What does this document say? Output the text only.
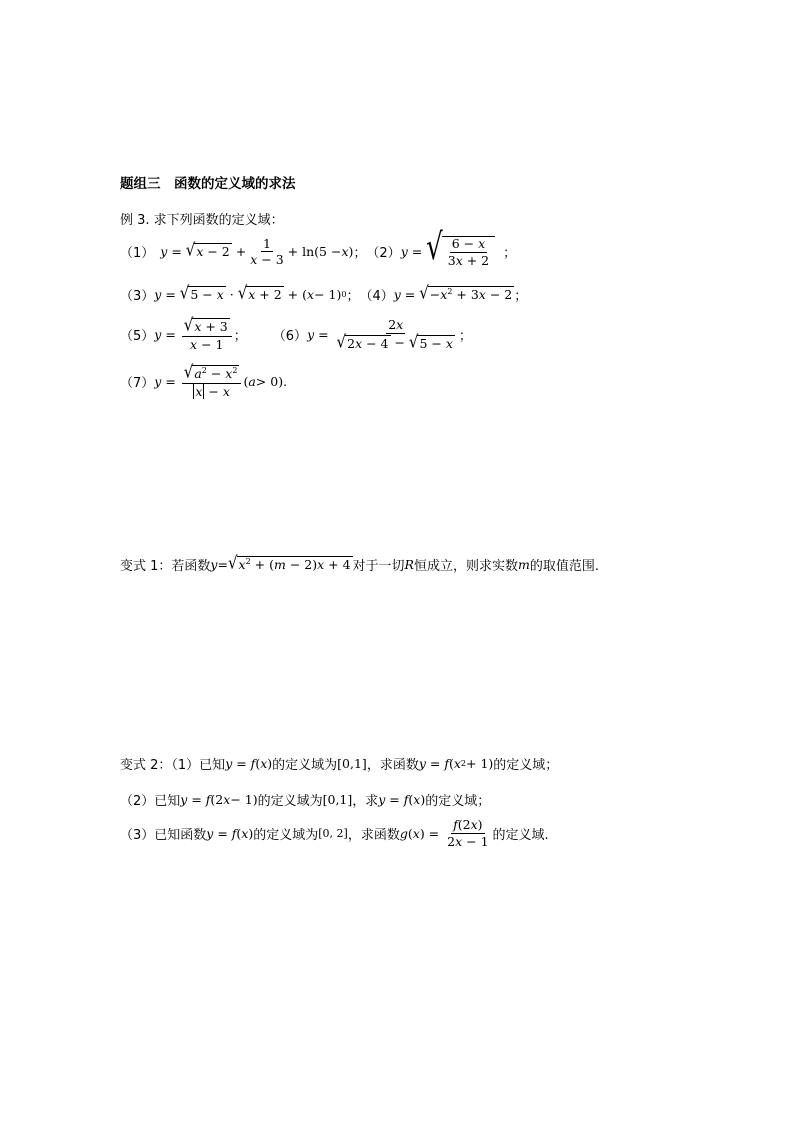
题组三　函数的定义域的求法
例 3. 求下列函数的定义域：
（1） y = √ $x - 2 + \frac{1}{x - 3} + \ln(5 - x$ ) ； （2） y = √ $\frac{6 - x}{3x + 2}$
；
（3） y = √ 5 − x · √ x + 2 + ( x − 1) 0 ； （4） y = √ $-x^2 + 3x - 2$ ；
（5） $y = \frac{√ x + 3}{x - 1}$ ； （6） $y = \frac{2x}{√ 2x - 4 - √ 5 - x}$ ；
（7） $y = \frac{√ a^2 - x^2}{x - x}$ ( a > 0).
变式 1：若函数 y = √ $x^2 + (m - 2)x + 4$ 对于一切 R 恒成立，则求实数 m 的取值范围.
变式 2：（1）已知 y = f ( x ) 的定义域为 [0,1] ，求函数 y = f ( x 2 + 1) 的定义域；
（2）已知 y = f (2 x − 1) 的定义域为 [0,1] ，求 y = f ( x ) 的定义域；
（3）已知函数 y = f ( x ) 的定义域为 [0, 2] ，求函数 g ( x ) = $\frac{f(2x)}{2x - 1}$ 的定义域.
